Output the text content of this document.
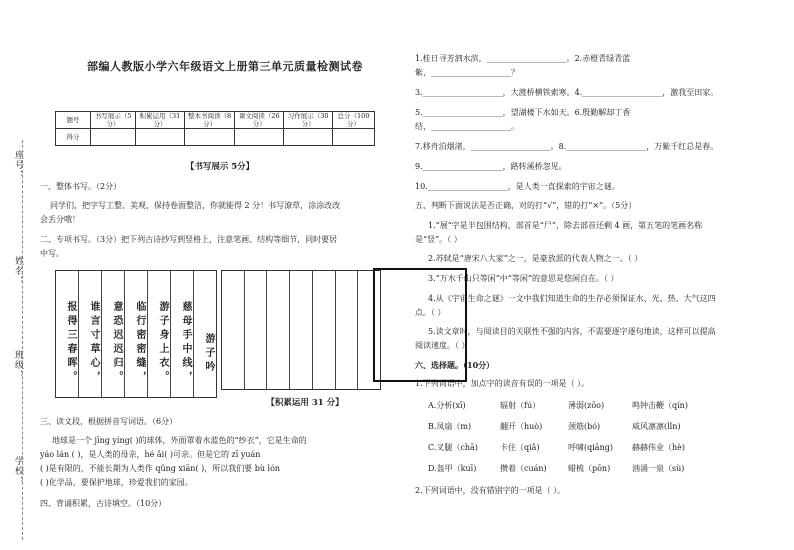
座号：
姓名：
班级：
学校：
部编人教版小学六年级语文上册第三单元质量检测试卷
题号	书写展示（5分）	积累运用（31分）	整本书阅读（8分）	课文阅读（26分）	习作展示（30分）	总分（100分）
得分						
【书写展示 5分】
一、整体书写。（2分）
同学们，把字写工整、美观，保持卷面整洁，你就能得 2 分！书写潦草，涂涂改改
会丢分哦！
二、专项书写。（3分）把下列古诗抄写到竖格上，注意笔画、结构等细节，同时要居
中写。
报得三春晖。	谁言寸草心，	意恐迟迟归。	临行密密缝，	游子身上衣。	慈母手中线，	游子吟
【积累运用 31 分】
三、读文段，根据拼音写词语。（6分）
地球是一个 jīng yíng( )的球体，外面罩着水蓝色的“纱衣”，它是生命的
yáo lán ( )，是人类的母亲，hé ǎi( )可亲。但是它的 zī yuán
( )是有限的，不能长期为人类作 qǔng xiān( )，所以我们要 bù lón
( )化学品，要保护地球，珍爱我们的家园。
四、背诵积累，古诗填空。（10分）
1.桂日寻芳泗水滨，____________________。2.赤橙青绿青蓝
紫，____________________？
3.____________________，大渡桥横铁索寒。4.____________________，激我至田家。
5.____________________，望湖楼下水如天。6.殷勤解却丁香
结，____________________。
7.移舟泊烟渚，____________________。8.____________________，万紫千红总是春。
9.____________________，路转溪桥忽见。
10.____________________，是人类一直探索的宇宙之谜。
五、判断下面说法是否正确，对的打“√”，错的打“×”。（5分）
1.“展”字是半包围结构，部首是“尸”，除去部首还剩 4 画，第五笔的笔画名称
是“竖”。（ ）
2.苏轼是“唐宋八大家”之一，是豪放派的代表人物之一。（ ）
3.“万水千山只等闲”中“等闲”的意思是悠闲自在。（ ）
4.从《宇宙生命之谜》一文中我们知道生命的生存必须保证水、光、热、大气这四
点。（ ）
5.读文章时，与阅读目的关联性不强的内容，不需要逐字逐句地读，这样可以提高
阅读速度。（ ）
六、选择题。（10分）
1.下列词语中，加点字的读音有误的一项是（ ）。
A.分析(xī)	辐射（fú）	薄弱(zōo)	鸣钟击鞭（qín)
B.凤扇（m)	翻开（huò)	颈筋(bó)	威风凛凛(lǐn)
C.叉腿（chā)	卡住（qiǎ)	呼啸(qiāng) 赫赫伟业（hè)
D.盔甲（kuī)	攒着（cuán)	蜡梳（pōn)	汹涌一泉（sù)
2.下列词语中，没有错别字的一项是（ ）。
